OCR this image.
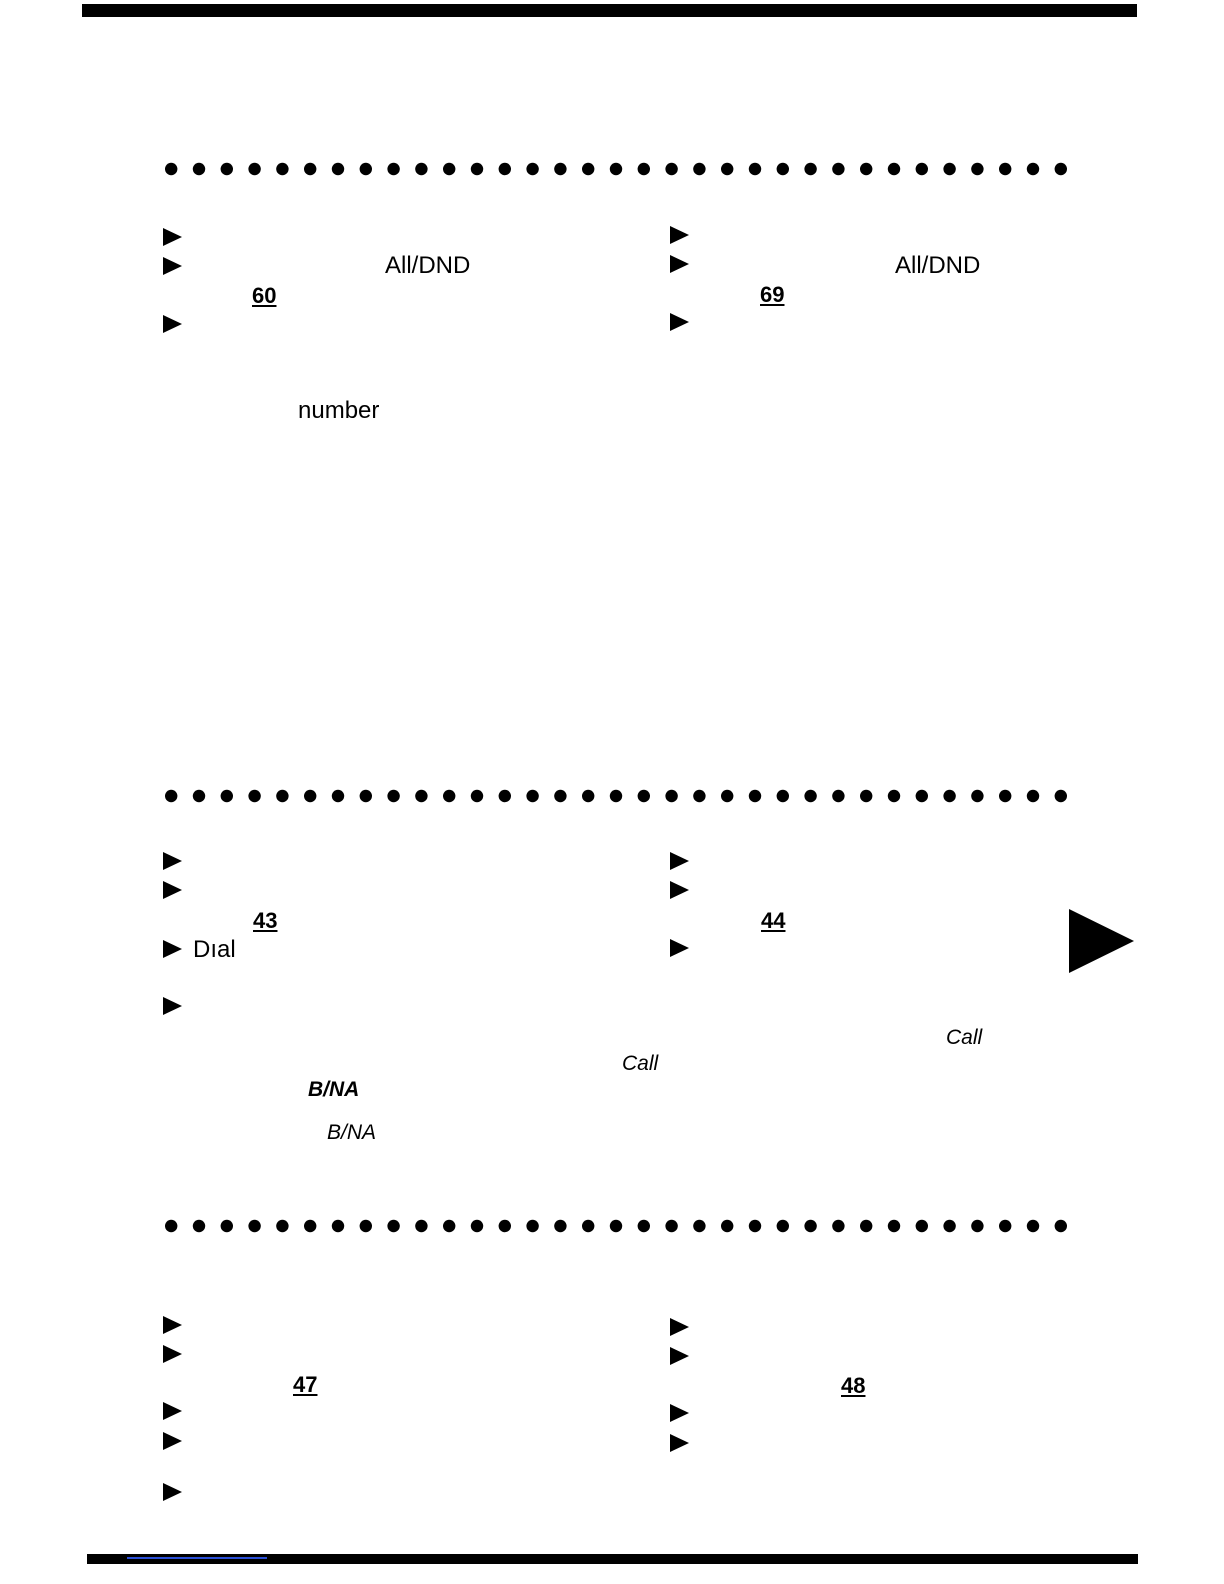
All/DND
60
number
All/DND
69
43
Dıal
Call
B/NA
B/NA
44
Call
47	48
